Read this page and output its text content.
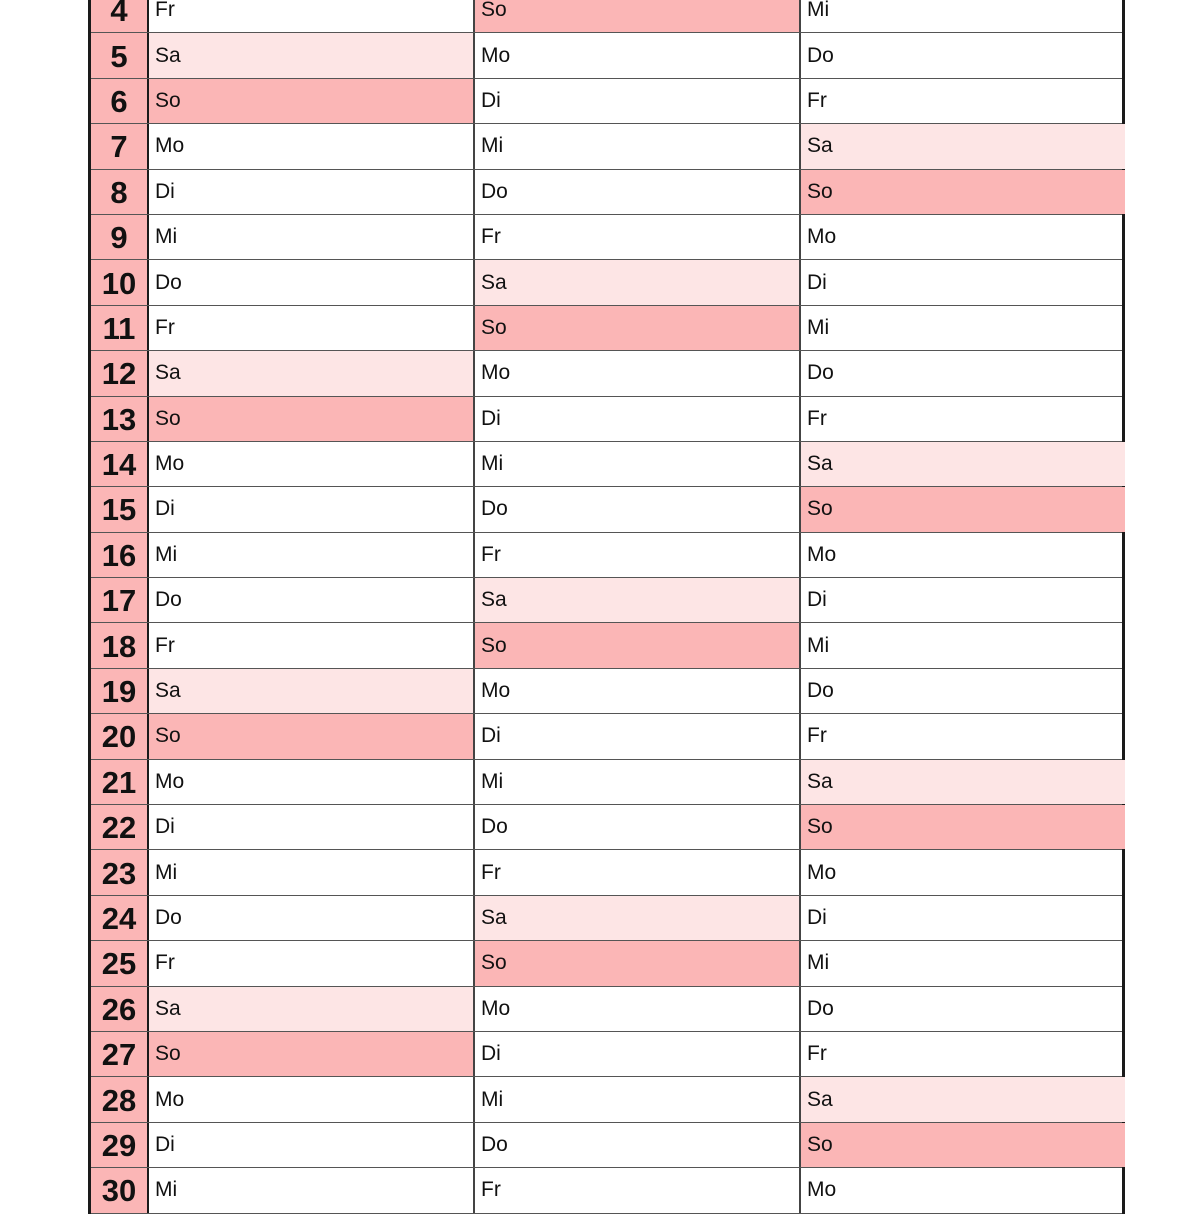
4	Fr	So	Mi
5	Sa	Mo	Do
6	So	Di	Fr
7	Mo	Mi	Sa
8	Di	Do	So
9	Mi	Fr	Mo
10 Do	Sa	Di
11 Fr	So	Mi
12 Sa	Mo	Do
13 So	Di	Fr
14 Mo	Mi	Sa
15 Di	Do	So
16 Mi	Fr	Mo
17 Do	Sa	Di
18 Fr	So	Mi
19 Sa	Mo	Do
20 So	Di	Fr
21 Mo	Mi	Sa
22 Di	Do	So
23 Mi	Fr	Mo
24 Do	Sa	Di
25 Fr	So	Mi
26 Sa	Mo	Do
27 So	Di	Fr
28 Mo	Mi	Sa
29 Di	Do	So
30 Mi	Fr	Mo
